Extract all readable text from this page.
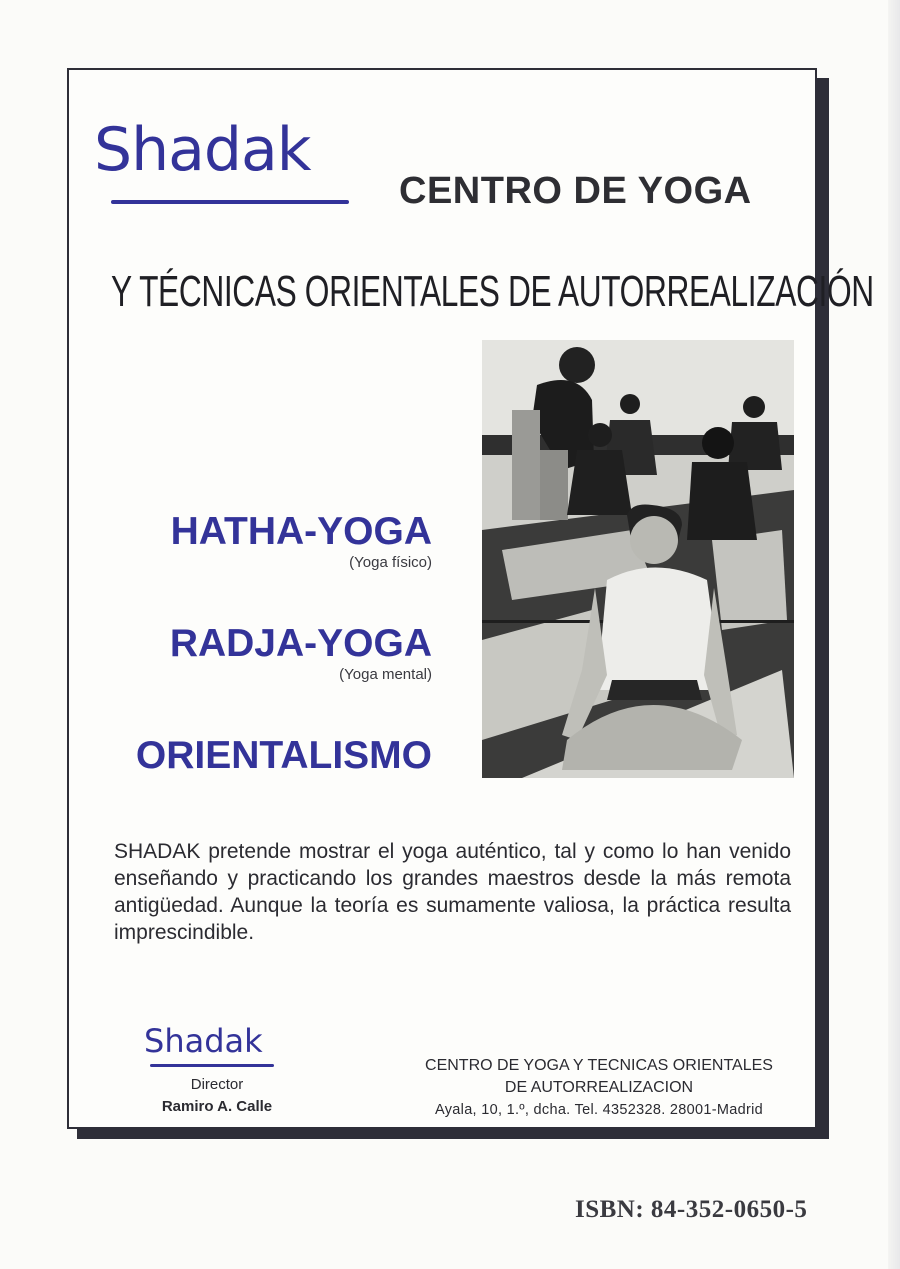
Shadak
CENTRO DE YOGA
Y TÉCNICAS ORIENTALES DE AUTORREALIZACIÓN
HATHA-YOGA
(Yoga físico)
RADJA-YOGA
(Yoga mental)
ORIENTALISMO
SHADAK pretende mostrar el yoga auténtico, tal y como lo han venido enseñando y practicando los grandes maestros desde la más remota antigüedad. Aunque la teoría es sumamente valiosa, la práctica resulta imprescindible.
Shadak
Director
Ramiro A. Calle
CENTRO DE YOGA Y TECNICAS ORIENTALES
DE AUTORREALIZACION
Ayala, 10, 1.º, dcha. Tel. 4352328. 28001-Madrid
ISBN: 84-352-0650-5
